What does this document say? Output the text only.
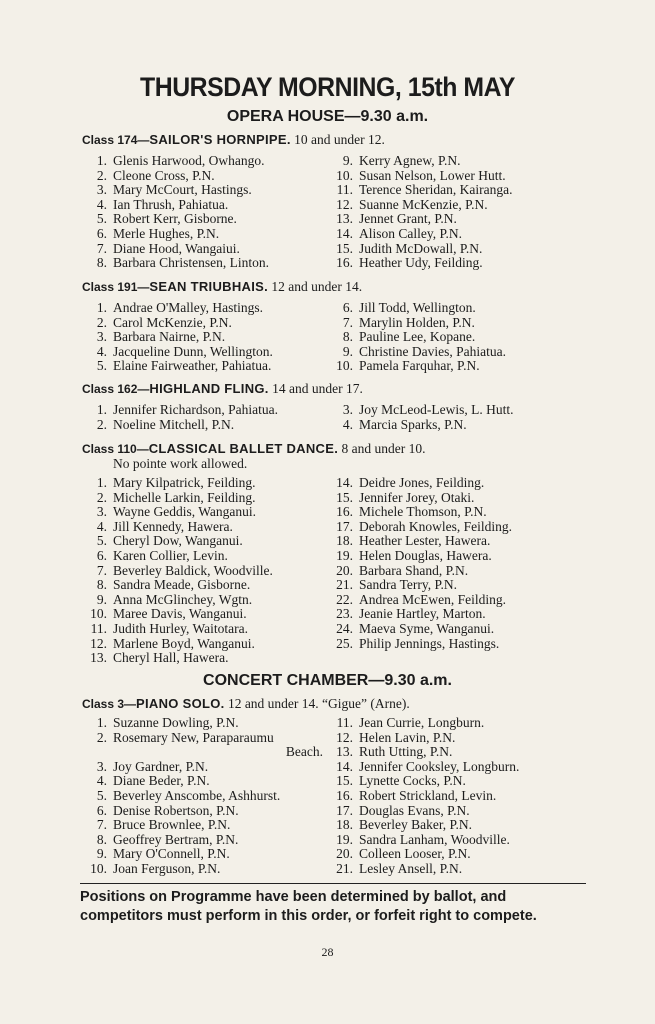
THURSDAY MORNING, 15th MAY
OPERA HOUSE—9.30 a.m.
Class 174—SAILOR'S HORNPIPE. 10 and under 12.
1. Glenis Harwood, Owhango.
2. Cleone Cross, P.N.
3. Mary McCourt, Hastings.
4. Ian Thrush, Pahiatua.
5. Robert Kerr, Gisborne.
6. Merle Hughes, P.N.
7. Diane Hood, Wangaiui.
8. Barbara Christensen, Linton.
9. Kerry Agnew, P.N.
10. Susan Nelson, Lower Hutt.
11. Terence Sheridan, Kairanga.
12. Suanne McKenzie, P.N.
13. Jennet Grant, P.N.
14. Alison Calley, P.N.
15. Judith McDowall, P.N.
16. Heather Udy, Feilding.
Class 191—SEAN TRIUBHAIS. 12 and under 14.
1. Andrae O'Malley, Hastings.
2. Carol McKenzie, P.N.
3. Barbara Nairne, P.N.
4. Jacqueline Dunn, Wellington.
5. Elaine Fairweather, Pahiatua.
6. Jill Todd, Wellington.
7. Marylin Holden, P.N.
8. Pauline Lee, Kopane.
9. Christine Davies, Pahiatua.
10. Pamela Farquhar, P.N.
Class 162—HIGHLAND FLING. 14 and under 17.
1. Jennifer Richardson, Pahiatua.
2. Noeline Mitchell, P.N.
3. Joy McLeod-Lewis, L. Hutt.
4. Marcia Sparks, P.N.
Class 110—CLASSICAL BALLET DANCE. 8 and under 10.
No pointe work allowed.
1. Mary Kilpatrick, Feilding.
2. Michelle Larkin, Feilding.
3. Wayne Geddis, Wanganui.
4. Jill Kennedy, Hawera.
5. Cheryl Dow, Wanganui.
6. Karen Collier, Levin.
7. Beverley Baldick, Woodville.
8. Sandra Meade, Gisborne.
9. Anna McGlinchey, Wgtn.
10. Maree Davis, Wanganui.
11. Judith Hurley, Waitotara.
12. Marlene Boyd, Wanganui.
13. Cheryl Hall, Hawera.
14. Deidre Jones, Feilding.
15. Jennifer Jorey, Otaki.
16. Michele Thomson, P.N.
17. Deborah Knowles, Feilding.
18. Heather Lester, Hawera.
19. Helen Douglas, Hawera.
20. Barbara Shand, P.N.
21. Sandra Terry, P.N.
22. Andrea McEwen, Feilding.
23. Jeanie Hartley, Marton.
24. Maeva Syme, Wanganui.
25. Philip Jennings, Hastings.
CONCERT CHAMBER—9.30 a.m.
Class 3—PIANO SOLO. 12 and under 14. “Gigue” (Arne).
1. Suzanne Dowling, P.N.
2. Rosemary New, Paraparaumu
Beach.
3. Joy Gardner, P.N.
4. Diane Beder, P.N.
5. Beverley Anscombe, Ashhurst.
6. Denise Robertson, P.N.
7. Bruce Brownlee, P.N.
8. Geoffrey Bertram, P.N.
9. Mary O'Connell, P.N.
10. Joan Ferguson, P.N.
11. Jean Currie, Longburn.
12. Helen Lavin, P.N.
13. Ruth Utting, P.N.
14. Jennifer Cooksley, Longburn.
15. Lynette Cocks, P.N.
16. Robert Strickland, Levin.
17. Douglas Evans, P.N.
18. Beverley Baker, P.N.
19. Sandra Lanham, Woodville.
20. Colleen Looser, P.N.
21. Lesley Ansell, P.N.
Positions on Programme have been determined by ballot, and competitors must perform in this order, or forfeit right to compete.
28
